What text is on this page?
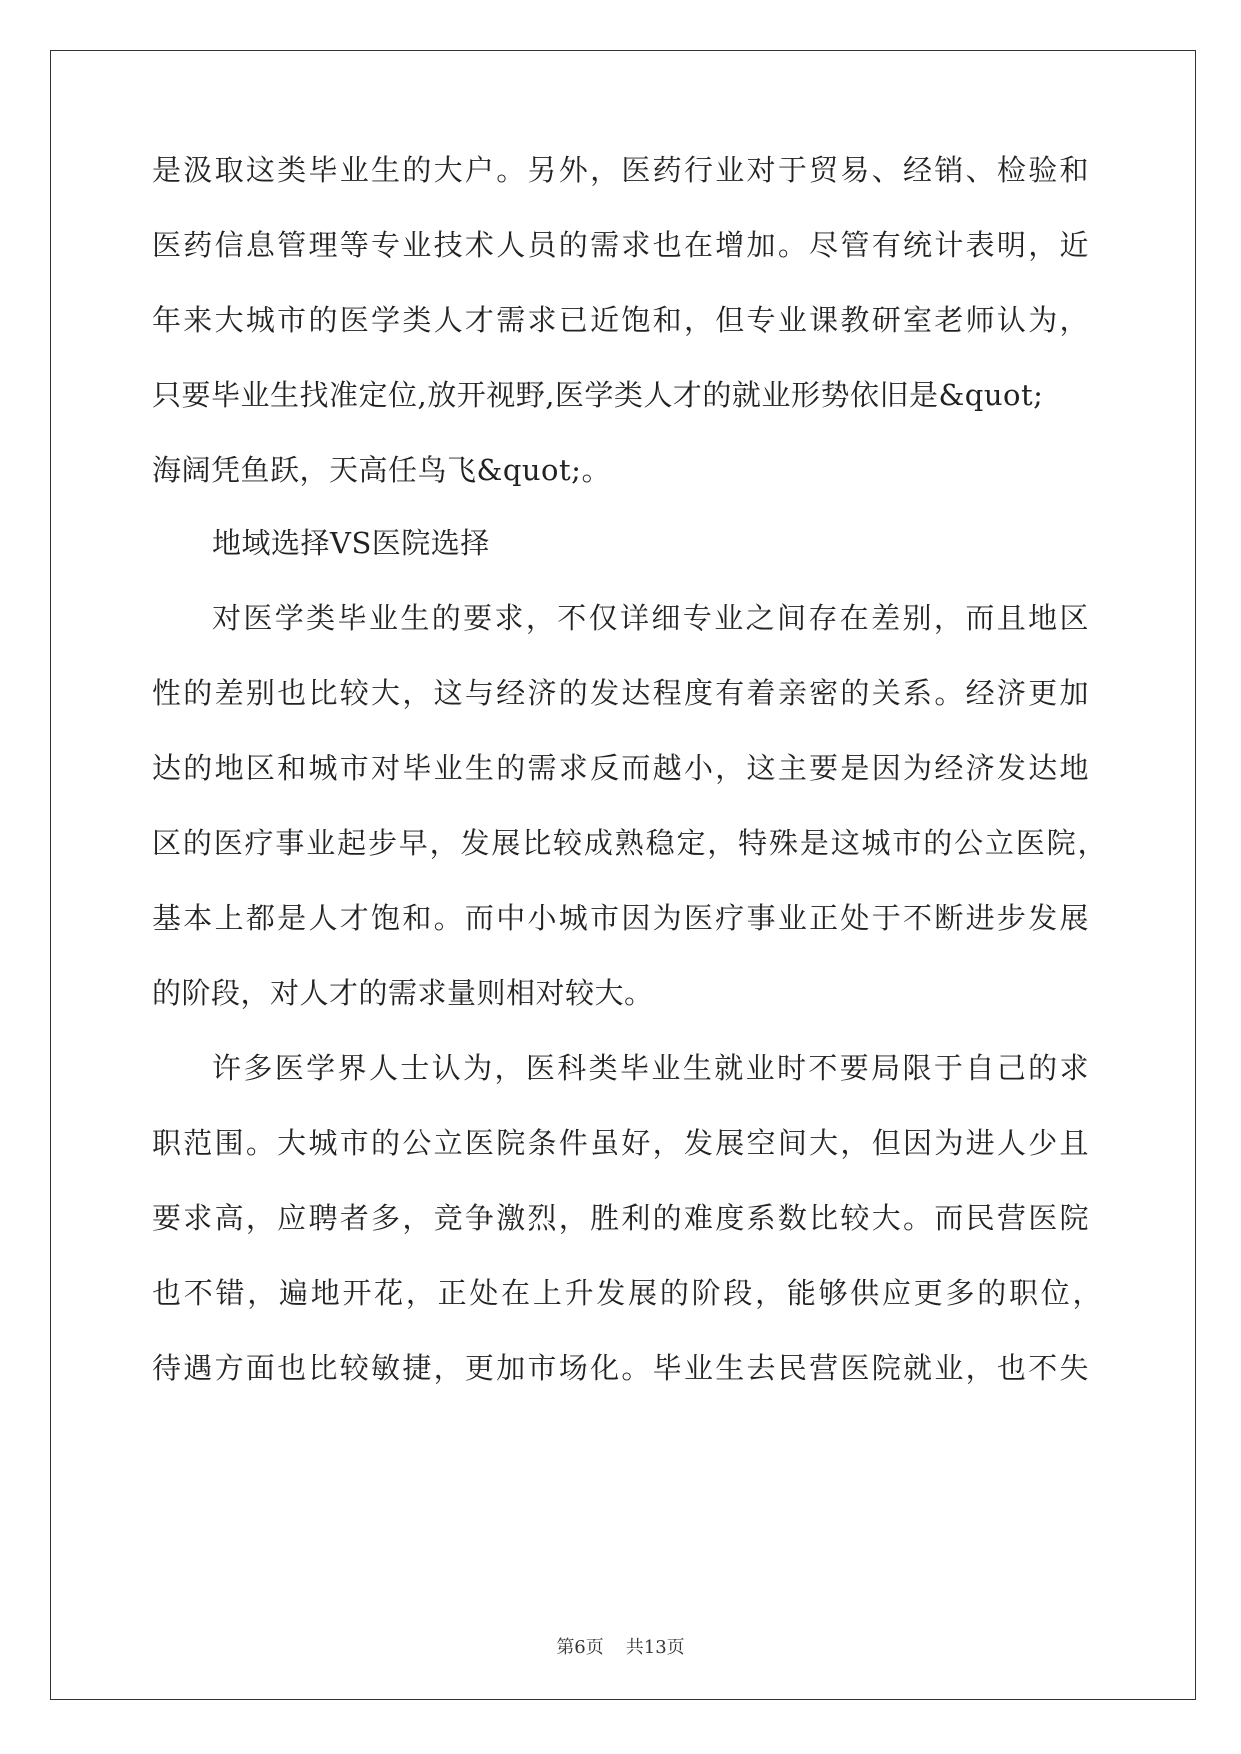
是汲取这类毕业生的大户。另外，医药行业对于贸易、经销、检验和
医药信息管理等专业技术人员的需求也在增加。尽管有统计表明，近
年来大城市的医学类人才需求已近饱和，但专业课教研室老师认为，
只要毕业生找准定位,放开视野,医学类人才的就业形势依旧是&quot;
海阔凭鱼跃，天高任鸟飞&quot;。
地域选择VS医院选择
对医学类毕业生的要求，不仅详细专业之间存在差别，而且地区
性的差别也比较大，这与经济的发达程度有着亲密的关系。经济更加
达的地区和城市对毕业生的需求反而越小，这主要是因为经济发达地
区的医疗事业起步早，发展比较成熟稳定，特殊是这城市的公立医院，
基本上都是人才饱和。而中小城市因为医疗事业正处于不断进步发展
的阶段，对人才的需求量则相对较大。
许多医学界人士认为，医科类毕业生就业时不要局限于自己的求
职范围。大城市的公立医院条件虽好，发展空间大，但因为进人少且
要求高，应聘者多，竞争激烈，胜利的难度系数比较大。而民营医院
也不错，遍地开花，正处在上升发展的阶段，能够供应更多的职位，
待遇方面也比较敏捷，更加市场化。毕业生去民营医院就业，也不失
第6页 共13页
